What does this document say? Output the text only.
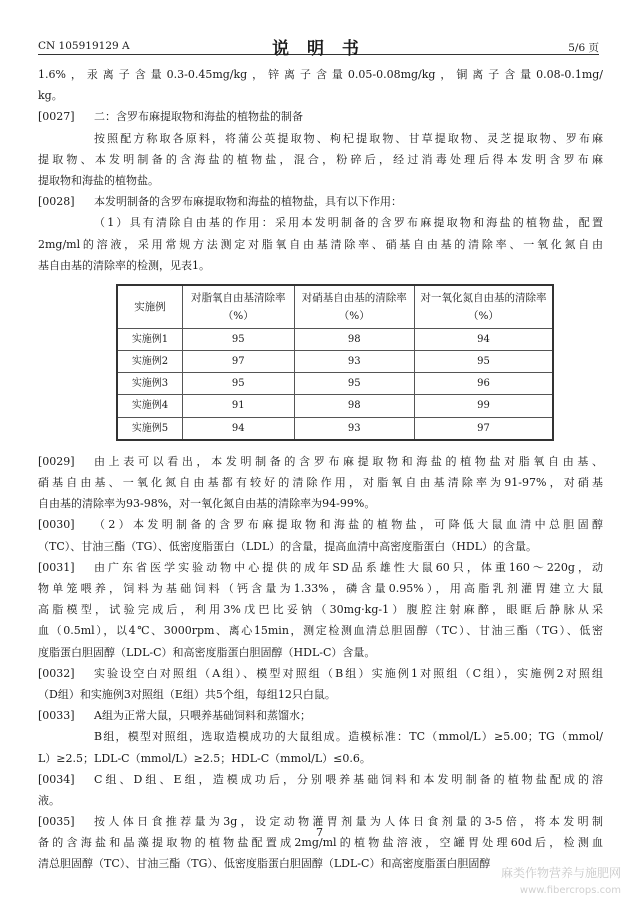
CN 105919129 A	说 明 书	5/6 页
1.6%，汞离子含量0.3-0.45mg/kg，锌离子含量0.05-0.08mg/kg，铜离子含量0.08-0.1mg/
kg。
[0027]	二：含罗布麻提取物和海盐的植物盐的制备
按照配方称取各原料，将蒲公英提取物、枸杞提取物、甘草提取物、灵芝提取物、罗布麻
提取物、本发明制备的含海盐的植物盐，混合，粉碎后，经过消毒处理后得本发明含罗布麻
提取物和海盐的植物盐。
[0028]	本发明制备的含罗布麻提取物和海盐的植物盐，具有以下作用：
（1）具有清除自由基的作用：采用本发明制备的含罗布麻提取物和海盐的植物盐，配置
2mg/ml的溶液，采用常规方法测定对脂氧自由基清除率、硝基自由基的清除率、一氧化氮自由
基自由基的清除率的检测，见表1。
实施例	对脂氧自由基清除率（%）	对硝基自由基的清除率（%）	对一氧化氮自由基的清除率（%）
实施例1	95	98	94
实施例2	97	93	95
实施例3	95	95	96
实施例4	91	98	99
实施例5	94	93	97
[0029]	由上表可以看出，本发明制备的含罗布麻提取物和海盐的植物盐对脂氧自由基、
硝基自由基、一氧化氮自由基都有较好的清除作用，对脂氧自由基清除率为91-97%，对硝基
自由基的清除率为93-98%，对一氧化氮自由基的清除率为94-99%。
[0030]	（2）本发明制备的含罗布麻提取物和海盐的植物盐，可降低大鼠血清中总胆固醇
（TC）、甘油三酯（TG）、低密度脂蛋白（LDL）的含量，提高血清中高密度脂蛋白（HDL）的含量。
[0031]	由广东省医学实验动物中心提供的成年SD品系雄性大鼠60只，体重160～220g，动
物单笼喂养，饲料为基础饲料（钙含量为1.33%，磷含量0.95%），用高脂乳剂灌胃建立大鼠
高脂模型，试验完成后，利用3%戊巴比妥钠（30mg·kg-1）腹腔注射麻醉，眼眶后静脉从采
血（0.5ml），以4℃、3000rpm、离心15min，测定检测血清总胆固醇（TC）、甘油三酯（TG）、低密
度脂蛋白胆固醇（LDL-C）和高密度脂蛋白胆固醇（HDL-C）含量。
[0032]	实验设空白对照组（A组）、模型对照组（B组）实施例1对照组（C组），实施例2对照组
（D组）和实施例3对照组（E组）共5个组，每组12只白鼠。
[0033]	A组为正常大鼠，只喂养基础饲料和蒸馏水；
B组，模型对照组，选取造模成功的大鼠组成。造模标准：TC（mmol/L）≥5.00；TG（mmol/
L）≥2.5；LDL-C（mmol/L）≥2.5；HDL-C（mmol/L）≤0.6。
[0034]	C组、D组、E组，造模成功后，分别喂养基础饲料和本发明制备的植物盐配成的溶
液。
[0035]	按人体日食推荐量为3g，设定动物灌胃剂量为人体日食剂量的3-5倍，将本发明制
备的含海盐和晶藻提取物的植物盐配置成2mg/ml的植物盐溶液，空罐胃处理60d后，检测血
清总胆固醇（TC）、甘油三酯（TG）、低密度脂蛋白胆固醇（LDL-C）和高密度脂蛋白胆固醇
7
麻类作物营养与施肥网
www.fibercrops.com
